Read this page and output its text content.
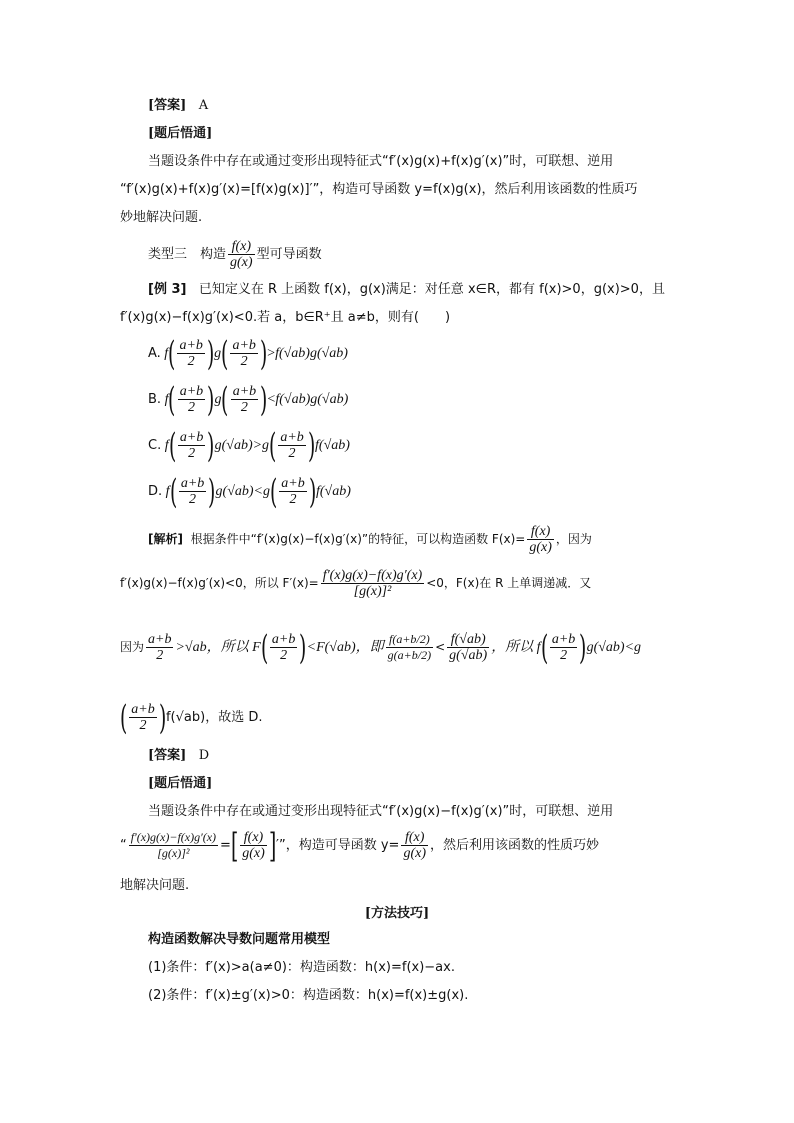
[答案] A
[题后悟通]
当题设条件中存在或通过变形出现特征式“f′(x)g(x)+f(x)g′(x)”时，可联想、逆用
“f′(x)g(x)+f(x)g′(x)=[f(x)g(x)]′”，构造可导函数 y=f(x)g(x)，然后利用该函数的性质巧
妙地解决问题.
类型三　构造 $\frac{f(x)}{g(x)}$ 型可导函数
[例 3] 已知定义在 R 上函数 f(x)，g(x)满足：对任意 x∈R，都有 f(x)>0，g(x)>0，且
f′(x)g(x)−f(x)g′(x)<0.若 a，b∈R⁺且 a≠b，则有(　　)
A. $f( \frac{a+b}{2} )g( \frac{a+b}{2} )>f(√ab)g(√ab)$
B. $f( \frac{a+b}{2} )g( \frac{a+b}{2} )<f(√ab)g(√ab)$
C. $f( \frac{a+b}{2} )g(√ab)>g( \frac{a+b}{2} )f(√ab)$
D. $f( \frac{a+b}{2} )g(√ab)<g( \frac{a+b}{2} )f(√ab)$
[解析] 根据条件中“f′(x)g(x)−f(x)g′(x)”的特征，可以构造函数 $F(x)= \frac{f(x)}{g(x)}$ ，因为
f′(x)g(x)−f(x)g′(x)<0，所以 $F'(x)= \frac{f'(x)g(x)-f(x)g'(x)}{\text{[g(x)]²}} <0$，F(x)在 R 上单调递减．又
因为 $\frac{a+b}{2} >√ab$，所以 $F( \frac{a+b}{2} )<F(√ab)$，即 $\frac{f(a+b/2)}{g(a+b/2)} < \frac{f(√ab)}{g(√ab)}$ ，所以 $f( \frac{a+b}{2} )g(√ab)<g$
( $\frac{a+b}{2} )f(√ab)$，故选 D.
[答案] D
[题后悟通]
当题设条件中存在或通过变形出现特征式“f′(x)g(x)−f(x)g′(x)”时，可联想、逆用
“ $\frac{f'(x)g(x)-f(x)g'(x)}{\text{[g(x)]²}}$ =[ $\frac{f(x)}{g(x)}$ ]′”，构造可导函数 $y= \frac{f(x)}{g(x)}$ ，然后利用该函数的性质巧妙
地解决问题.
[方法技巧]
构造函数解决导数问题常用模型
(1)条件：f′(x)>a(a≠0)：构造函数：h(x)=f(x)−ax.
(2)条件：f′(x)±g′(x)>0：构造函数：h(x)=f(x)±g(x).
